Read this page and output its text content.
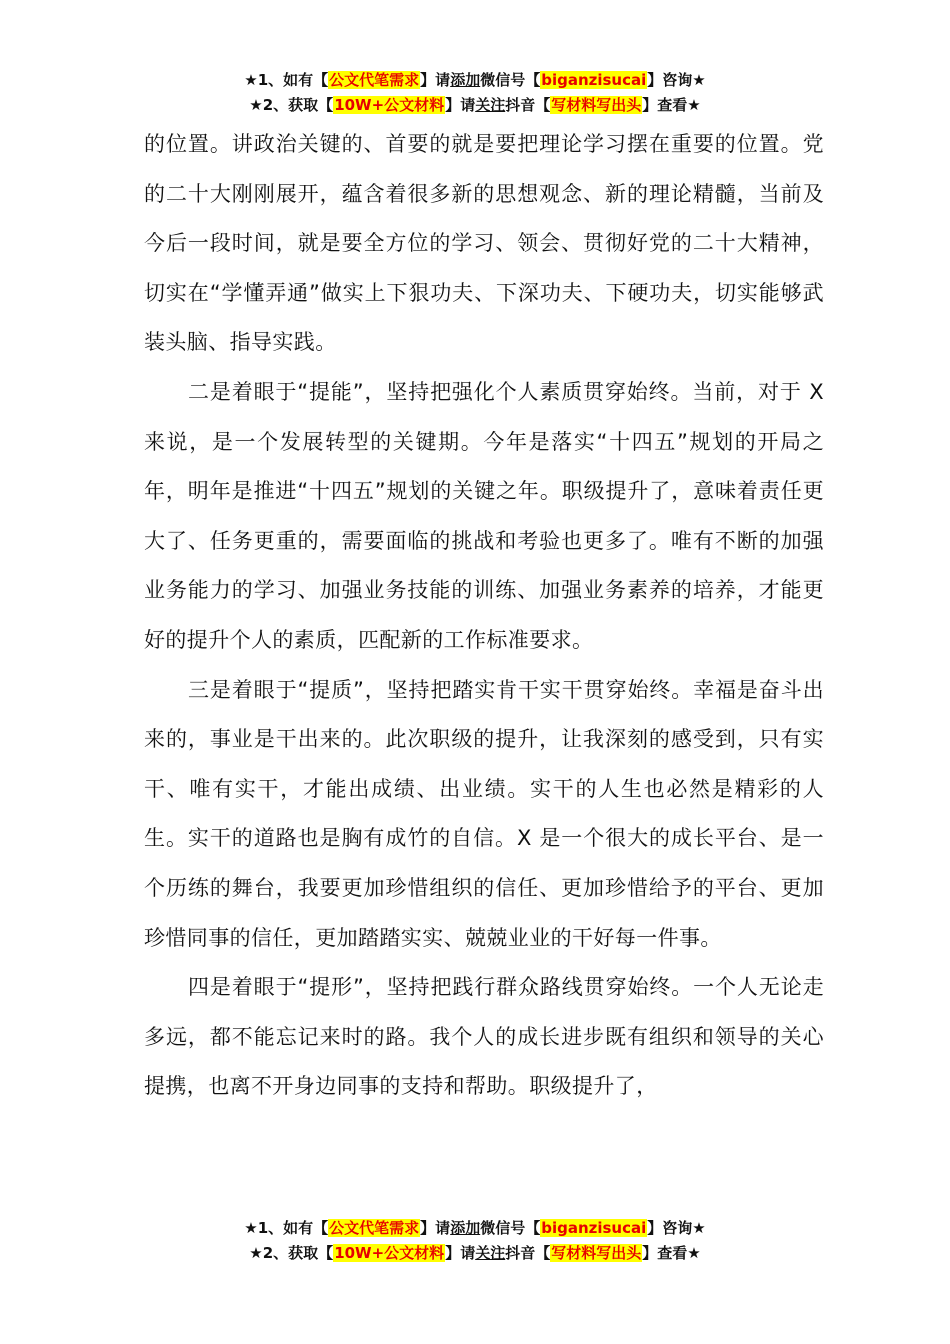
★1、如有【公文代笔需求】请添加微信号【biganzisucai】咨询★
★2、获取【10W+公文材料】请关注抖音【写材料写出头】查看★

的位置。讲政治关键的、首要的就是要把理论学习摆在重要的位置。党的二十大刚刚展开，蕴含着很多新的思想观念、新的理论精髓，当前及今后一段时间，就是要全方位的学习、领会、贯彻好党的二十大精神，切实在“学懂弄通”做实上下狠功夫、下深功夫、下硬功夫，切实能够武装头脑、指导实践。

二是着眼于“提能”，坚持把强化个人素质贯穿始终。当前，对于 X 来说，是一个发展转型的关键期。今年是落实“十四五”规划的开局之年，明年是推进“十四五”规划的关键之年。职级提升了，意味着责任更大了、任务更重的，需要面临的挑战和考验也更多了。唯有不断的加强业务能力的学习、加强业务技能的训练、加强业务素养的培养，才能更好的提升个人的素质，匹配新的工作标准要求。

三是着眼于“提质”，坚持把踏实肯干实干贯穿始终。幸福是奋斗出来的，事业是干出来的。此次职级的提升，让我深刻的感受到，只有实干、唯有实干，才能出成绩、出业绩。实干的人生也必然是精彩的人生。实干的道路也是胸有成竹的自信。X 是一个很大的成长平台、是一个历练的舞台，我要更加珍惜组织的信任、更加珍惜给予的平台、更加珍惜同事的信任，更加踏踏实实、兢兢业业的干好每一件事。

四是着眼于“提形”，坚持把践行群众路线贯穿始终。一个人无论走多远，都不能忘记来时的路。我个人的成长进步既有组织和领导的关心提携，也离不开身边同事的支持和帮助。职级提升了，

★1、如有【公文代笔需求】请添加微信号【biganzisucai】咨询★
★2、获取【10W+公文材料】请关注抖音【写材料写出头】查看★
